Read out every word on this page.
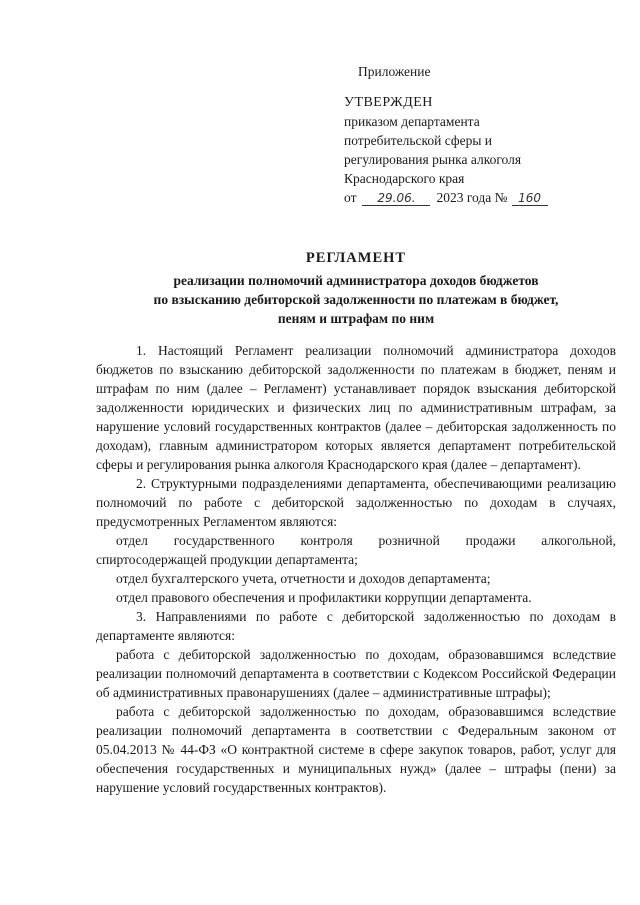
Приложение
УТВЕРЖДЕН
приказом департамента
потребительской сферы и
регулирования рынка алкоголя
Краснодарского края
от 29.06. 2023 года № 160
РЕГЛАМЕНТ
реализации полномочий администратора доходов бюджетов
по взысканию дебиторской задолженности по платежам в бюджет,
пеням и штрафам по ним

1. Настоящий Регламент реализации полномочий администратора доходов бюджетов по взысканию дебиторской задолженности по платежам в бюджет, пеням и штрафам по ним (далее – Регламент) устанавливает порядок взыскания дебиторской задолженности юридических и физических лиц по административным штрафам, за нарушение условий государственных контрактов (далее – дебиторская задолженность по доходам), главным администратором которых является департамент потребительской сферы и регулирования рынка алкоголя Краснодарского края (далее – департамент).

2. Структурными подразделениями департамента, обеспечивающими реализацию полномочий по работе с дебиторской задолженностью по доходам в случаях, предусмотренных Регламентом являются:

отдел государственного контроля розничной продажи алкогольной, спиртосодержащей продукции департамента;

отдел бухгалтерского учета, отчетности и доходов департамента;

отдел правового обеспечения и профилактики коррупции департамента.

3. Направлениями по работе с дебиторской задолженностью по доходам в департаменте являются:

работа с дебиторской задолженностью по доходам, образовавшимся вследствие реализации полномочий департамента в соответствии с Кодексом Российской Федерации об административных правонарушениях (далее – административные штрафы);

работа с дебиторской задолженностью по доходам, образовавшимся вследствие реализации полномочий департамента в соответствии с Федеральным законом от 05.04.2013 № 44-ФЗ «О контрактной системе в сфере закупок товаров, работ, услуг для обеспечения государственных и муниципальных нужд» (далее – штрафы (пени) за нарушение условий государственных контрактов).
